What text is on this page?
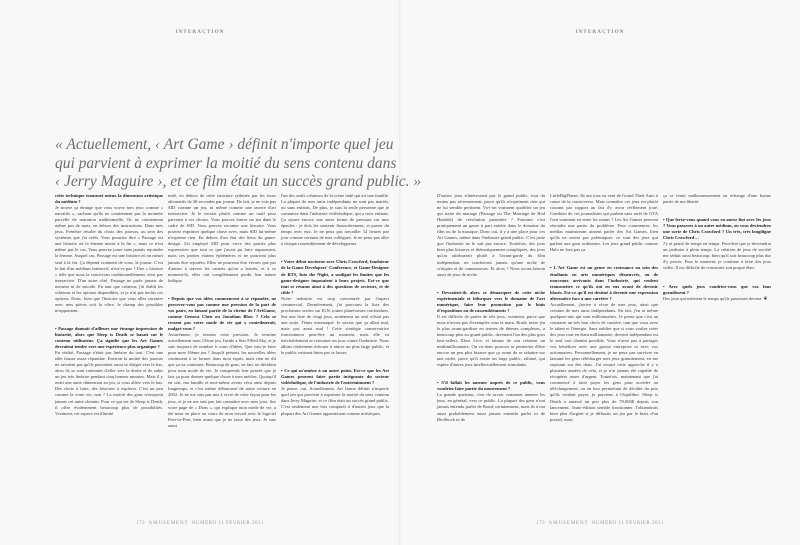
INTERACTION
172 AMUSEMENT NUMÉRO 11 FÉVRIER 2011
INTERACTION
173 AMUSEMENT NUMÉRO 11 FÉVRIER 2011
« Actuellement, ‹ Art Game › définit n'importe quel jeu
qui parvient à exprimer la moitié du sens contenu dans
‹ Jerry Maguire ›, et ce film était un succès grand public. »

cette technique transmet mieux la dimension artistique du médium ?

Je trouve ça étrange que vous voyez mes jeux comme « narratifs », sachant qu'ils ne contiennent pas la moindre parcelle de narration traditionnelle. Ils ne contiennent même pas de mots, en dehors des instructions. Dans mes jeux, Frénésie résulte du choix des joueurs, au sein des systèmes que j'ai créés. Vous pourriez dire « Passage est une histoire où la femme meurt à la fin », mais ce n'est même pas le cas. Vous pouvez jouer sans jamais rejoindre la femme. Auquel cas, Passage est une histoire où on meurt seul à la fin. Ça dépend vraiment de vous, le joueur. C'est le but d'un médium interactif, n'est-ce pas ? Une « histoire » telle que nous la concevons traditionnellement, n'est pas interactive. D'un autre côté, Passage ne parle jamais de meurtre ni de suicide. En tant que créateur, j'ai établi les schémas et les options disponibles, et je n'ai pas inclus ces options. Donc, bien que l'histoire que vous allez raconter avec mes pièces soit la vôtre, le champ des possibles m'appartient.

• Passage donnait d'ailleurs une étrange impression de linéarité, alors que Sleep is Death se basait sur le contenu utilisateur. Ça signifie que les Art Games devraient tendre vers une expérience plus organique ?

En réalité, Passage n'était pas linéaire du tout. C'est une idée fausse assez répandue. Environ la moitié des joueurs ne savaient pas qu'ils pouvaient aussi se diriger vers le bas, alors ils se sont contentés d'aller vers la droite et de subir un jeu très linéaire pendant cinq bonnes minutes. Mais il y avait une autre dimension au jeu, si vous alliez vers le bas. Des choix à faire, des histoires à explorer. C'est un peu comme la vraie vie, non ? La moitié des gens n'essayent jamais cet autre chemin. Pour ce qui est de Sleep is Death, il offre évidemment beaucoup plus de possibilités. Vraiment, cet espace est illimité

mité, en dehors de cette structure rythmée par les tours alternatifs de 30 secondes par joueur. De fait, je ne vois pas SID comme un jeu, ni même comme une œuvre d'art interactive. Je le verrais plutôt comme un outil pour parvenir à ces choses. Vous pouvez lancer un jeu dans le cadre de SID. Vous pouvez raconter une histoire. Vous pouvez exprimer quelque chose avec, mais SID lui-même n'exprime rien. En dehors d'un état des lieux du game-design. J'ai employé SID pour vivre des parties plus expressives que tout ce que j'avais pu faire auparavant, mais ces parties étaient éphémères et ne pourront plus jamais être rejouées. Elles ne pourront être vécues que par d'autres à travers les carnets qu'on a laissés, et à ce moment-là, elles ont complètement perdu leur nature ludique.

• Depuis que vos idées commencent à se répandre, ne percevez-vous pas comme une pression de la part de vos pairs, en faisant partie de la vitrine de l'ArtGame, comme Genova Chen ou Jonathan Blow ? Cela se ressent pas votre mode de vie qui y contribuerait, malgré vous ?

Assurément, je ressens cette pression. Je termine actuellement mon 13ème jeu, Inside a Star Filled Sky, et je suis toujours de nombre à court d'idées. Que vais-je faire pour mon 16ème jeu ? Jusqu'à présent, les nouvelles idées continuent à se former dans mon esprit, mais rien ne dit que ça va continuer. Beaucoup de gens, en fait, ne décident pour mon mode de vie. Je comprends leur pensée que je fais ça pour donner quelque chose à mes médias. Quoiqu'il en soit, ma famille et moi-même avons vécu ainsi depuis longtemps, et c'est même débarrassé de notre voiture en 2002. Je ne me suis pas mis à vivre de cette façon pour les jeux, et je ne me suis pas fait connaître avec mes jeux. Sur votre page de « Dons », qui explique mon mode de vie, a été mise en place au cours de mon travail avec le logiciel Peer-to-Peer, bien avant que je ne fasse des jeux. Je suis aussi

l'un des seuls créateurs de la scène indé qui ait une famille. La plupart de mes amis indépendants ne sont pas mariés, ou sans enfants. De plus, je suis la seule personne que je connaisse dans l'industrie vidéoludique, qui a trois enfants. Ça ajoute encore une autre forme de pression sur mes épaules : je dois les soutenir financièrement, et passer du temps avec eux. Je ne peux pas travailler 12 heures par jour comme certains de mes collègues. Je ne peux pas aller à chaque rassemblement de développeurs.

• Votre débat nocturne avec Chris Crawford, fondateur de la Game Developers' Conference, et Game-Designer de RTS, Into the Night, a souligné les limites que les game-designer imposaient à leurs projets. Est-ce que tout se résume ainsi à des questions de secteurs, et de cible ?

Notre industrie est trop concentrée par l'aspect commercial. Dernièrement, j'ai parcouru la liste des prochaines sorties sur IGN, toutes plateformes confondues. Sur une liste de vingt jeux, seulement un seul n'était pas une suite. J'étais estomaqué. Je savais que ça allait mal, mais pas aussi mal ! Cette stratégie conservatrice fonctionnera peut-être un moment, mais elle va inévitablement se retourner un jour contre l'industrie. Nous allons clairement échouer à attirer un plus large public, et le public existant finira par se lasser.

• Ce qui m'amène à un autre point. Est-ce que les Art Games peuvent faire partie intégrante du secteur vidéoludique, de l'industrie de l'entertainment ?

Je pense, oui. Actuellement, Art Game définit n'importe quel jeu qui parvient à exprimer la moitié du sens contenu dans Jerry Maguire, et ce film était un succès grand public. C'est seulement une fois comparés à d'autres jeux que la plupart des Art Games apparaissent comme artistiques.

D'autres jeux n'intéressent pas le grand public, tout du moins pas sérieusement, parce qu'ils n'expriment rien qui ne lui semble pertinent. Va-t-on vraiment qualifier un jeu qui traite du mariage (Passage ou The Marriage de Rod Humble) de révolution pionnière ? Pourtant c'est pratiquement un genre à part entière dans le domaine du film ou de la musique. Donc oui, il y a une place pour ces Art Games, même dans l'industrie grand public. C'est juste que l'industrie ne le sait pas encore. Toutefois, des jeux bien plus bizarres et thématiquement compliqués, des jeux qu'on attribuerait plutôt à l'avant-garde du film indépendant, ne toucheront jamais qu'une niche de critiques et de connaisseurs. Et alors ? Nous avons besoin aussi de jeux de niche.

• Devraient-ils alors se démarquer de cette niche expérimentale et bifurquer vers le domaine de l'art numérique, faire leur promotion par le biais d'expositions ou de rassemblements ?

Il est difficile de parler de tels jeux, vraiment, parce que nous n'avons pas d'exemples sous la main. Braid, notre jeu le plus avant-gardiste en termes de thèmes complexes, a beaucoup plus au grand public, devenant l'un des plus gros best-sellers Xbox Live, et faisant de son créateur un multimillionnaire. On va donc pouvoir se permettre d'être encore un peu plus bizarre que ça avant de se rabattre sur une niche, parce qu'il existe un large public, affamé, qui espère d'autres jeux intellectuellement stimulants.

• S'il fallait les amener auprès de ce public, vous voudriez faire partie du mouvement ?

La grande question, c'est de savoir comment amener les jeux, en général, vers ce public. La plupart des gens n'ont jamais entendu parler de Braid, certainement, mais ils n'ont aussi probablement aussi jamais entendu parler ni de BioShock ni de

LittleBigPlanet. Ils ont tous eu vent de Grand Theft Auto à cause de la controverse. Mais connaître ces jeux est plutôt courant par rapport au fait d'y avoir réellement joué. Combien de ces journalistes qui parlent sans arrêt de GTA l'ont vraiment eu entre les mains ? Les Art Games peuvent résoudre une partie du problème. Pour commencer, les médias mainstream aiment parler des Art Games, bien qu'ils ne soient pas polémiques. ce sont des jeux qui parlent aux gens ordinaires. Les jeux grand public comme Halo ne font pas ça.

• L'Art Game est un genre en croissance au sein des étudiants en arts numériques désœuvrés, ou de nouveaux arrivants dans l'industrie, qui veulent transmettre ce qu'ils ont en eux avant de devenir blasés. Est-ce qu'il est destiné à devenir une expression alternative face à une carrière ?

Actuellement, j'arrive à vivre de mes jeux, ainsi que certains de mes amis indépendants. En fait, j'en ai même quelques-uns qui sont millionnaires. Je pense que c'est au contraire un très bon choix de carrière, tant que vous avez le talent et l'énergie. Sans oublier que si vous voulez créer des jeux tout en étant millionnaire, devenir indépendant est le seul vrai chemin possible. Vous n'avez pas à partager vos bénéfices avec une grosse entreprise ni avec vos actionnaires. Personnellement, je ne peux pas survivre en laissant les gens télécharger mes jeux gratuitement, en me reposant sur des dons. J'ai essayé cette approche il y a plusieurs années de cela, et je n'ai jamais été capable de récupérer assez d'argent. Toutefois, maintenant que j'ai commencé à faire payer les gens pour accéder au téléchargement, ou en leur permettant de décider du prix qu'ils veulent payer, je parviens à l'équilibre. Sleep is Death a amassé un peu plus de 78,000$ depuis son lancement, l'auto-édition semble fonctionner. J'obtiendrais bien plus d'argent si je diffusais un jeu par le biais d'un portail, mais

ça se ferait malheureusement en échange d'une bonne partie de ma liberté.

• Que ferez-vous quand vous en aurez fini avec les jeux ? Vous passerez à un autre médium, ou vous deviendrez une sorte de Chris Crawford ? Un très, très longiligne Chris Crawford…

J'y ai pensé de temps en temps. Peut-être que je deviendrai un jardinier à plein temps. La création de jeux de société me séduit aussi beaucoup, bien qu'il soit beaucoup plus dur d'y percer. Pour le moment, je continue à faire des jeux vidéo. Il est difficile de construire son propre élan.

• Avec quels jeux voudriez-vous que vos fans grandissent ?

Des jeux qui méritent le temps qu'ils passeront devant. ❦
